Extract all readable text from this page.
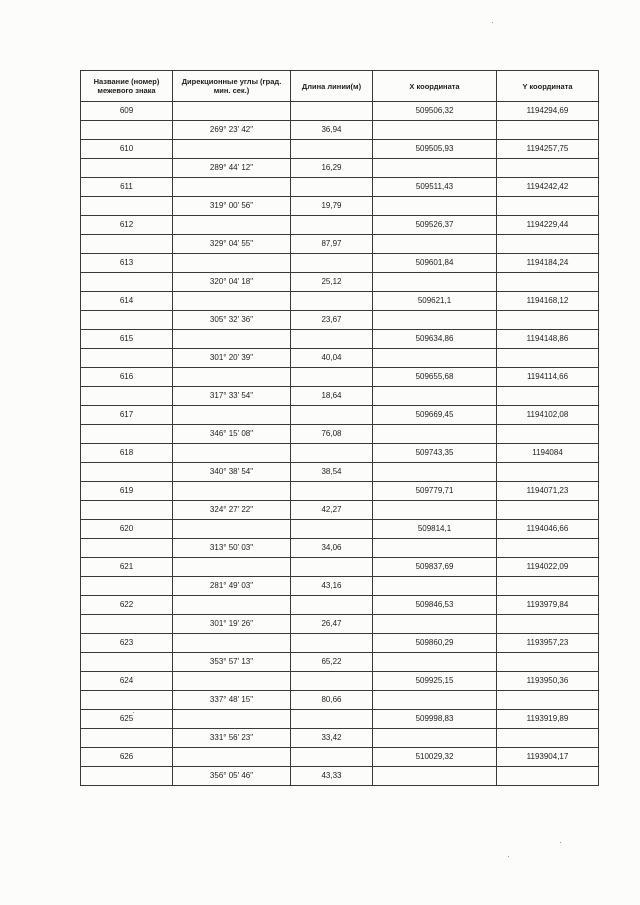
Название (номер) межевого знака	Дирекционные углы (град. мин. сек.)	Длина линии(м)	X координата	Y координата
609			509506,32	1194294,69
	269° 23' 42"	36,94		
610			509505,93	1194257,75
	289° 44' 12"	16,29		
611			509511,43	1194242,42
	319° 00' 56"	19,79		
612			509526,37	1194229,44
	329° 04' 55"	87,97		
613			509601,84	1194184,24
	320° 04' 18"	25,12		
614			509621,1	1194168,12
	305° 32' 36"	23,67		
615			509634,86	1194148,86
	301° 20' 39"	40,04		
616			509655,68	1194114,66
	317° 33' 54"	18,64		
617			509669,45	1194102,08
	346° 15' 08"	76,08		
618			509743,35	1194084
	340° 38' 54"	38,54		
619			509779,71	1194071,23
	324° 27' 22"	42,27		
620			509814,1	1194046,66
	313° 50' 03"	34,06		
621			509837,69	1194022,09
	281° 49' 03"	43,16		
622			509846,53	1193979,84
	301° 19' 26"	26,47		
623			509860,29	1193957,23
	353° 57' 13"	65,22		
624			509925,15	1193950,36
	337° 48' 15"	80,66		
625			509998,83	1193919,89
	331° 56' 23"	33,42		
626			510029,32	1193904,17
	356° 05' 46"	43,33		
